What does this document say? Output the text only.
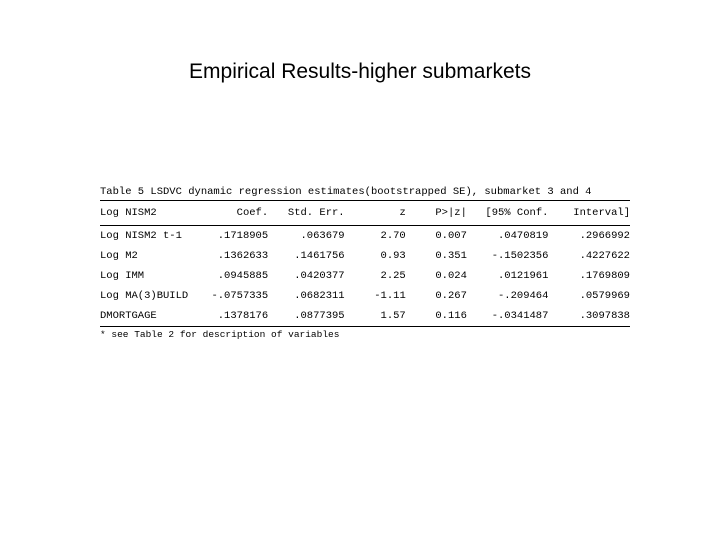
Empirical Results-higher submarkets
Table 5 LSDVC dynamic regression estimates(bootstrapped SE), submarket 3 and 4
Log NISM2	Coef.	Std. Err.	z	P>|z|	[95% Conf.	Interval]
Log NISM2 t-1	.1718905	.063679	2.70	0.007	.0470819	.2966992
Log M2	.1362633	.1461756	0.93	0.351	-.1502356	.4227622
Log IMM	.0945885	.0420377	2.25	0.024	.0121961	.1769809
Log MA(3)BUILD	-.0757335	.0682311	-1.11	0.267	-.209464	.0579969
DMORTGAGE	.1378176	.0877395	1.57	0.116	-.0341487	.3097838
* see Table 2 for description of variables
